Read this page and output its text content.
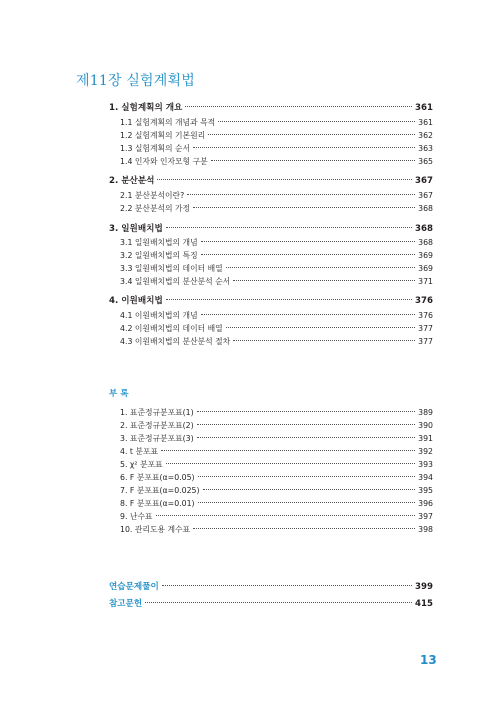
제11장 실험계획법
1. 실험계획의 개요	361
1.1 실험계획의 개념과 목적	361
1.2 실험계획의 기본원리	362
1.3 실험계획의 순서	363
1.4 인자와 인자모형 구분	365
2. 분산분석	367
2.1 분산분석이란?	367
2.2 분산분석의 가정	368
3. 일원배치법	368
3.1 일원배치법의 개념	368
3.2 일원배치법의 특징	369
3.3 일원배치법의 데이터 배열	369
3.4 일원배치법의 분산분석 순서	371
4. 이원배치법	376
4.1 이원배치법의 개념	376
4.2 이원배치법의 데이터 배열	377
4.3 이원배치법의 분산분석 절차	377
부 록
1. 표준정규분포표(1)	389
2. 표준정규분포표(2)	390
3. 표준정규분포표(3)	391
4. t 분포표	392
5. χ² 분포표	393
6. F 분포표(α=0.05)	394
7. F 분포표(α=0.025)	395
8. F 분포표(α=0.01)	396
9. 난수표	397
10. 관리도용 계수표	398
연습문제풀이	399
참고문헌	415
13
